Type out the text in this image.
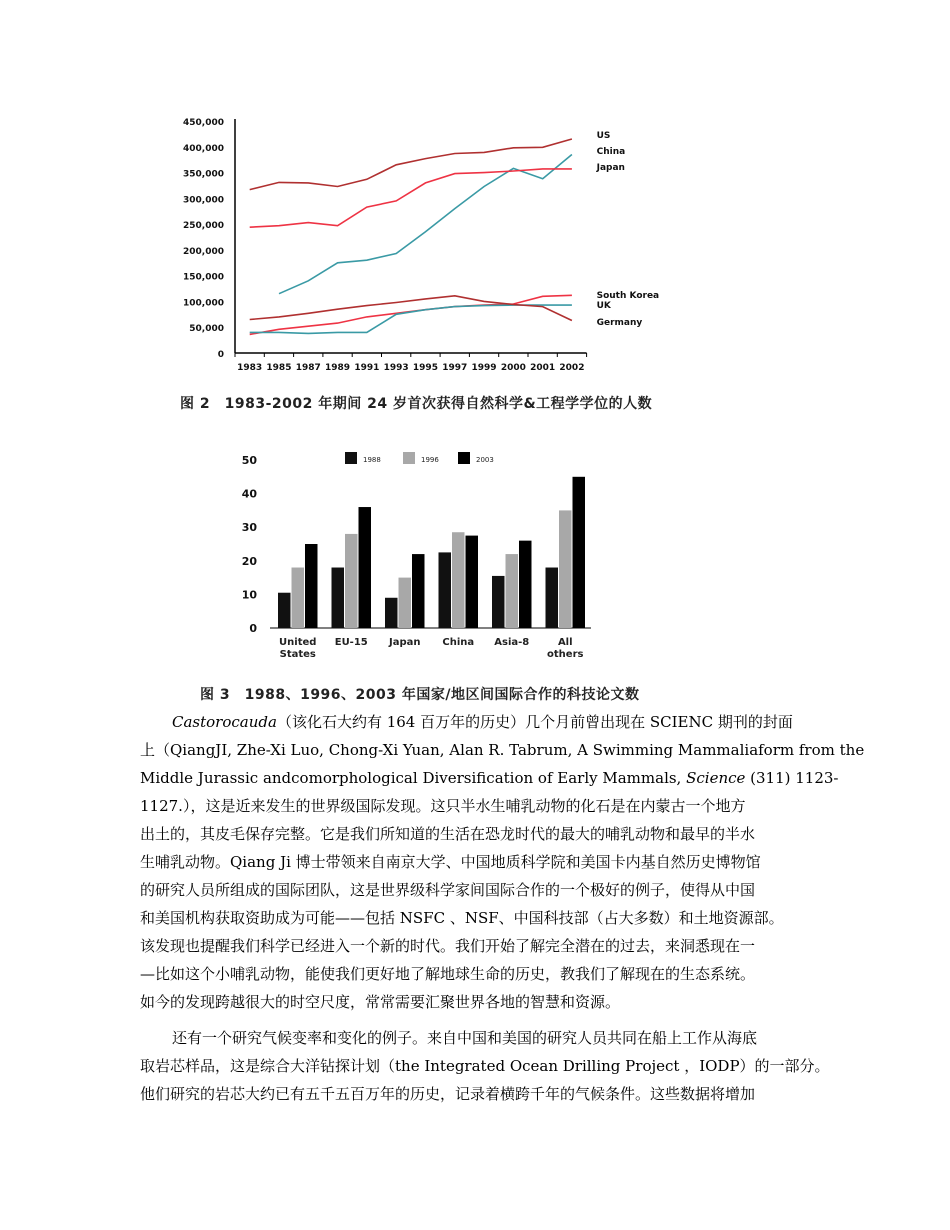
450,000
400,000
350,000
300,000
250,000
200,000
150,000
100,000
50,000
0
1983 1985 1987 1989 1991 1993 1995 1997 1999 2000 2001 2002
US
China
Japan
South Korea
UK
Germany
图 2　1983-2002 年期间 24 岁首次获得自然科学&工程学学位的人数
50
40
30
20
10
0
1988	1996	2003
United
States
EU-15 Japan China Asia-8	All
others
图 3　1988、1996、2003 年国家/地区间国际合作的科技论文数
Castorocauda（该化石大约有 164 百万年的历史）几个月前曾出现在 SCIENC 期刊的封面
上（QiangJI, Zhe-Xi Luo, Chong-Xi Yuan, Alan R. Tabrum, A Swimming Mammaliaform from the
Middle Jurassic andcomorphological Diversification of Early Mammals, Science (311) 1123-
1127.），这是近来发生的世界级国际发现。这只半水生哺乳动物的化石是在内蒙古一个地方
出土的，其皮毛保存完整。它是我们所知道的生活在恐龙时代的最大的哺乳动物和最早的半水
生哺乳动物。Qiang Ji 博士带领来自南京大学、中国地质科学院和美国卡内基自然历史博物馆
的研究人员所组成的国际团队，这是世界级科学家间国际合作的一个极好的例子，使得从中国
和美国机构获取资助成为可能——包括 NSFC 、NSF、中国科技部（占大多数）和土地资源部。
该发现也提醒我们科学已经进入一个新的时代。我们开始了解完全潜在的过去，来洞悉现在一
—比如这个小哺乳动物，能使我们更好地了解地球生命的历史，教我们了解现在的生态系统。
如今的发现跨越很大的时空尺度，常常需要汇聚世界各地的智慧和资源。
还有一个研究气候变率和变化的例子。来自中国和美国的研究人员共同在船上工作从海底
取岩芯样品，这是综合大洋钻探计划（the Integrated Ocean Drilling Project ，IODP）的一部分。
他们研究的岩芯大约已有五千五百万年的历史，记录着横跨千年的气候条件。这些数据将增加
